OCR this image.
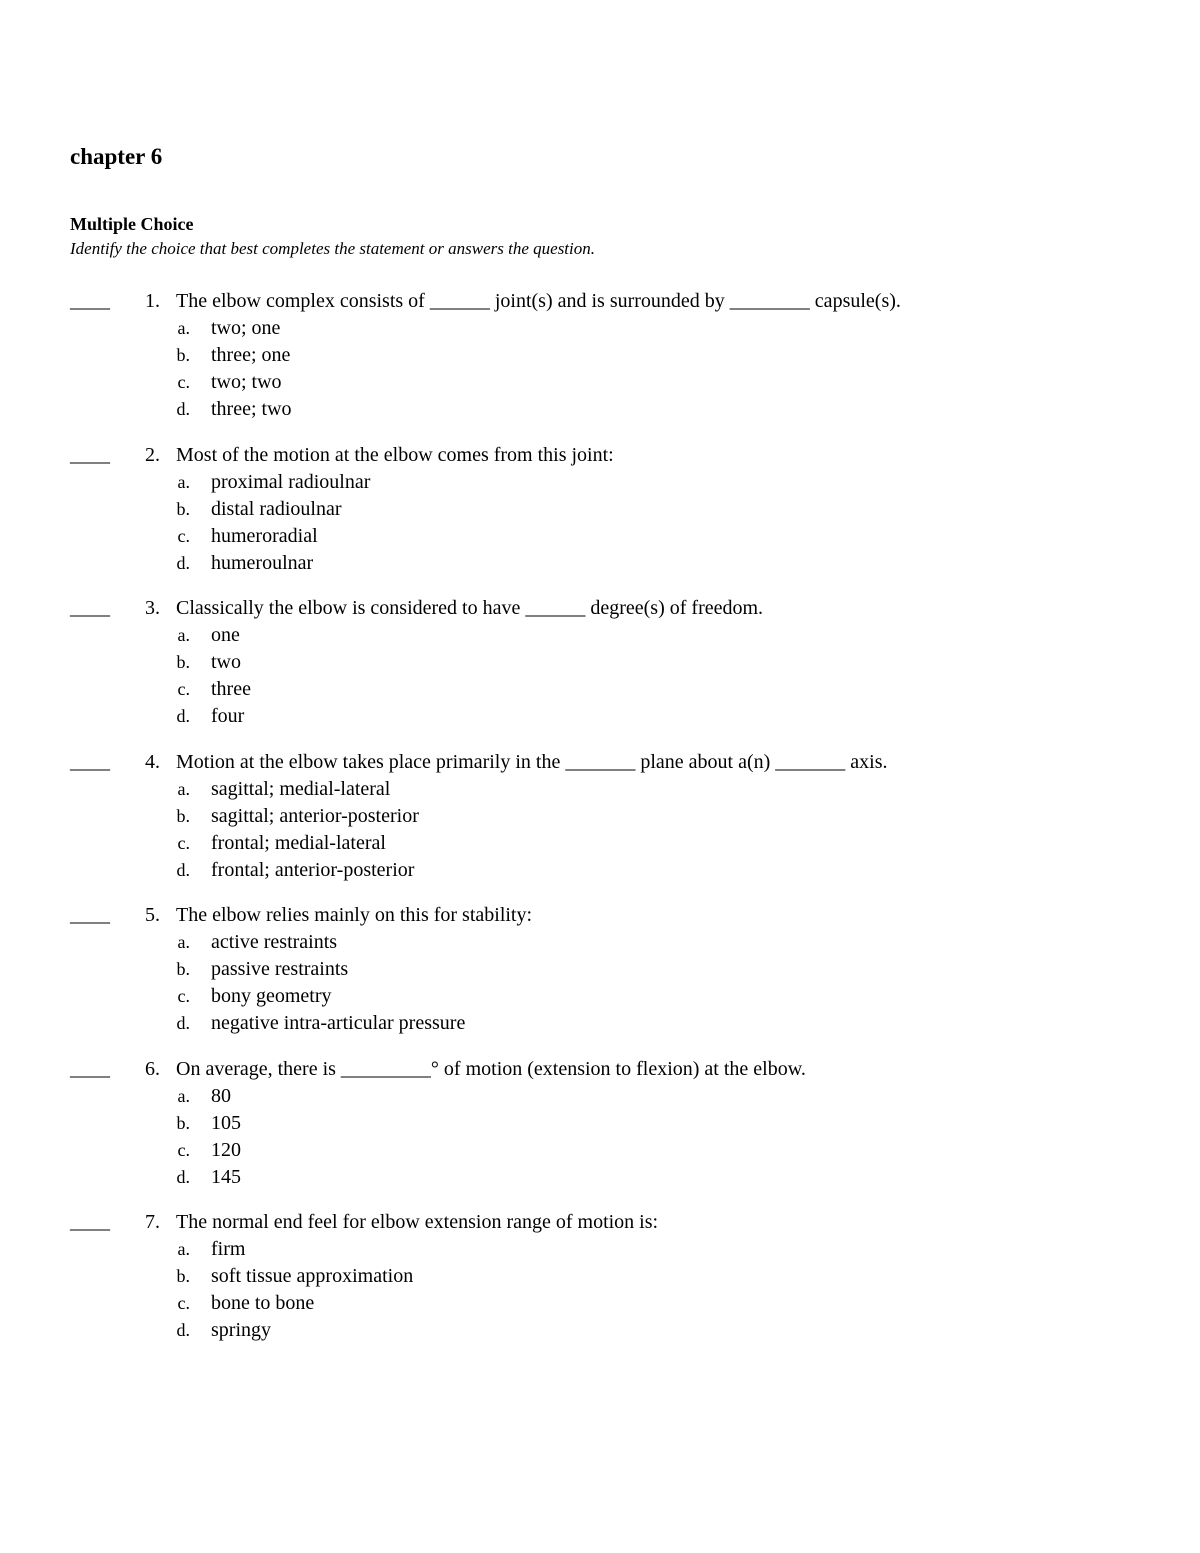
chapter 6
Multiple Choice

Identify the choice that best completes the statement or answers the question.

____	1. The elbow complex consists of ______ joint(s) and is surrounded by ________ capsule(s).
a. two; one
b. three; one
c. two; two
d. three; two
____	2. Most of the motion at the elbow comes from this joint:
a. proximal radioulnar
b. distal radioulnar
c. humeroradial
d. humeroulnar
____	3. Classically the elbow is considered to have ______ degree(s) of freedom.
a. one
b. two
c. three
d. four
____	4. Motion at the elbow takes place primarily in the _______ plane about a(n) _______ axis.
a. sagittal; medial-lateral
b. sagittal; anterior-posterior
c. frontal; medial-lateral
d. frontal; anterior-posterior
____	5. The elbow relies mainly on this for stability:
a. active restraints
b. passive restraints
c. bony geometry
d. negative intra-articular pressure
____	6. On average, there is _________° of motion (extension to flexion) at the elbow.
a. 80
b. 105
c. 120
d. 145
____	7. The normal end feel for elbow extension range of motion is:
a. firm
b. soft tissue approximation
c. bone to bone
d. springy
